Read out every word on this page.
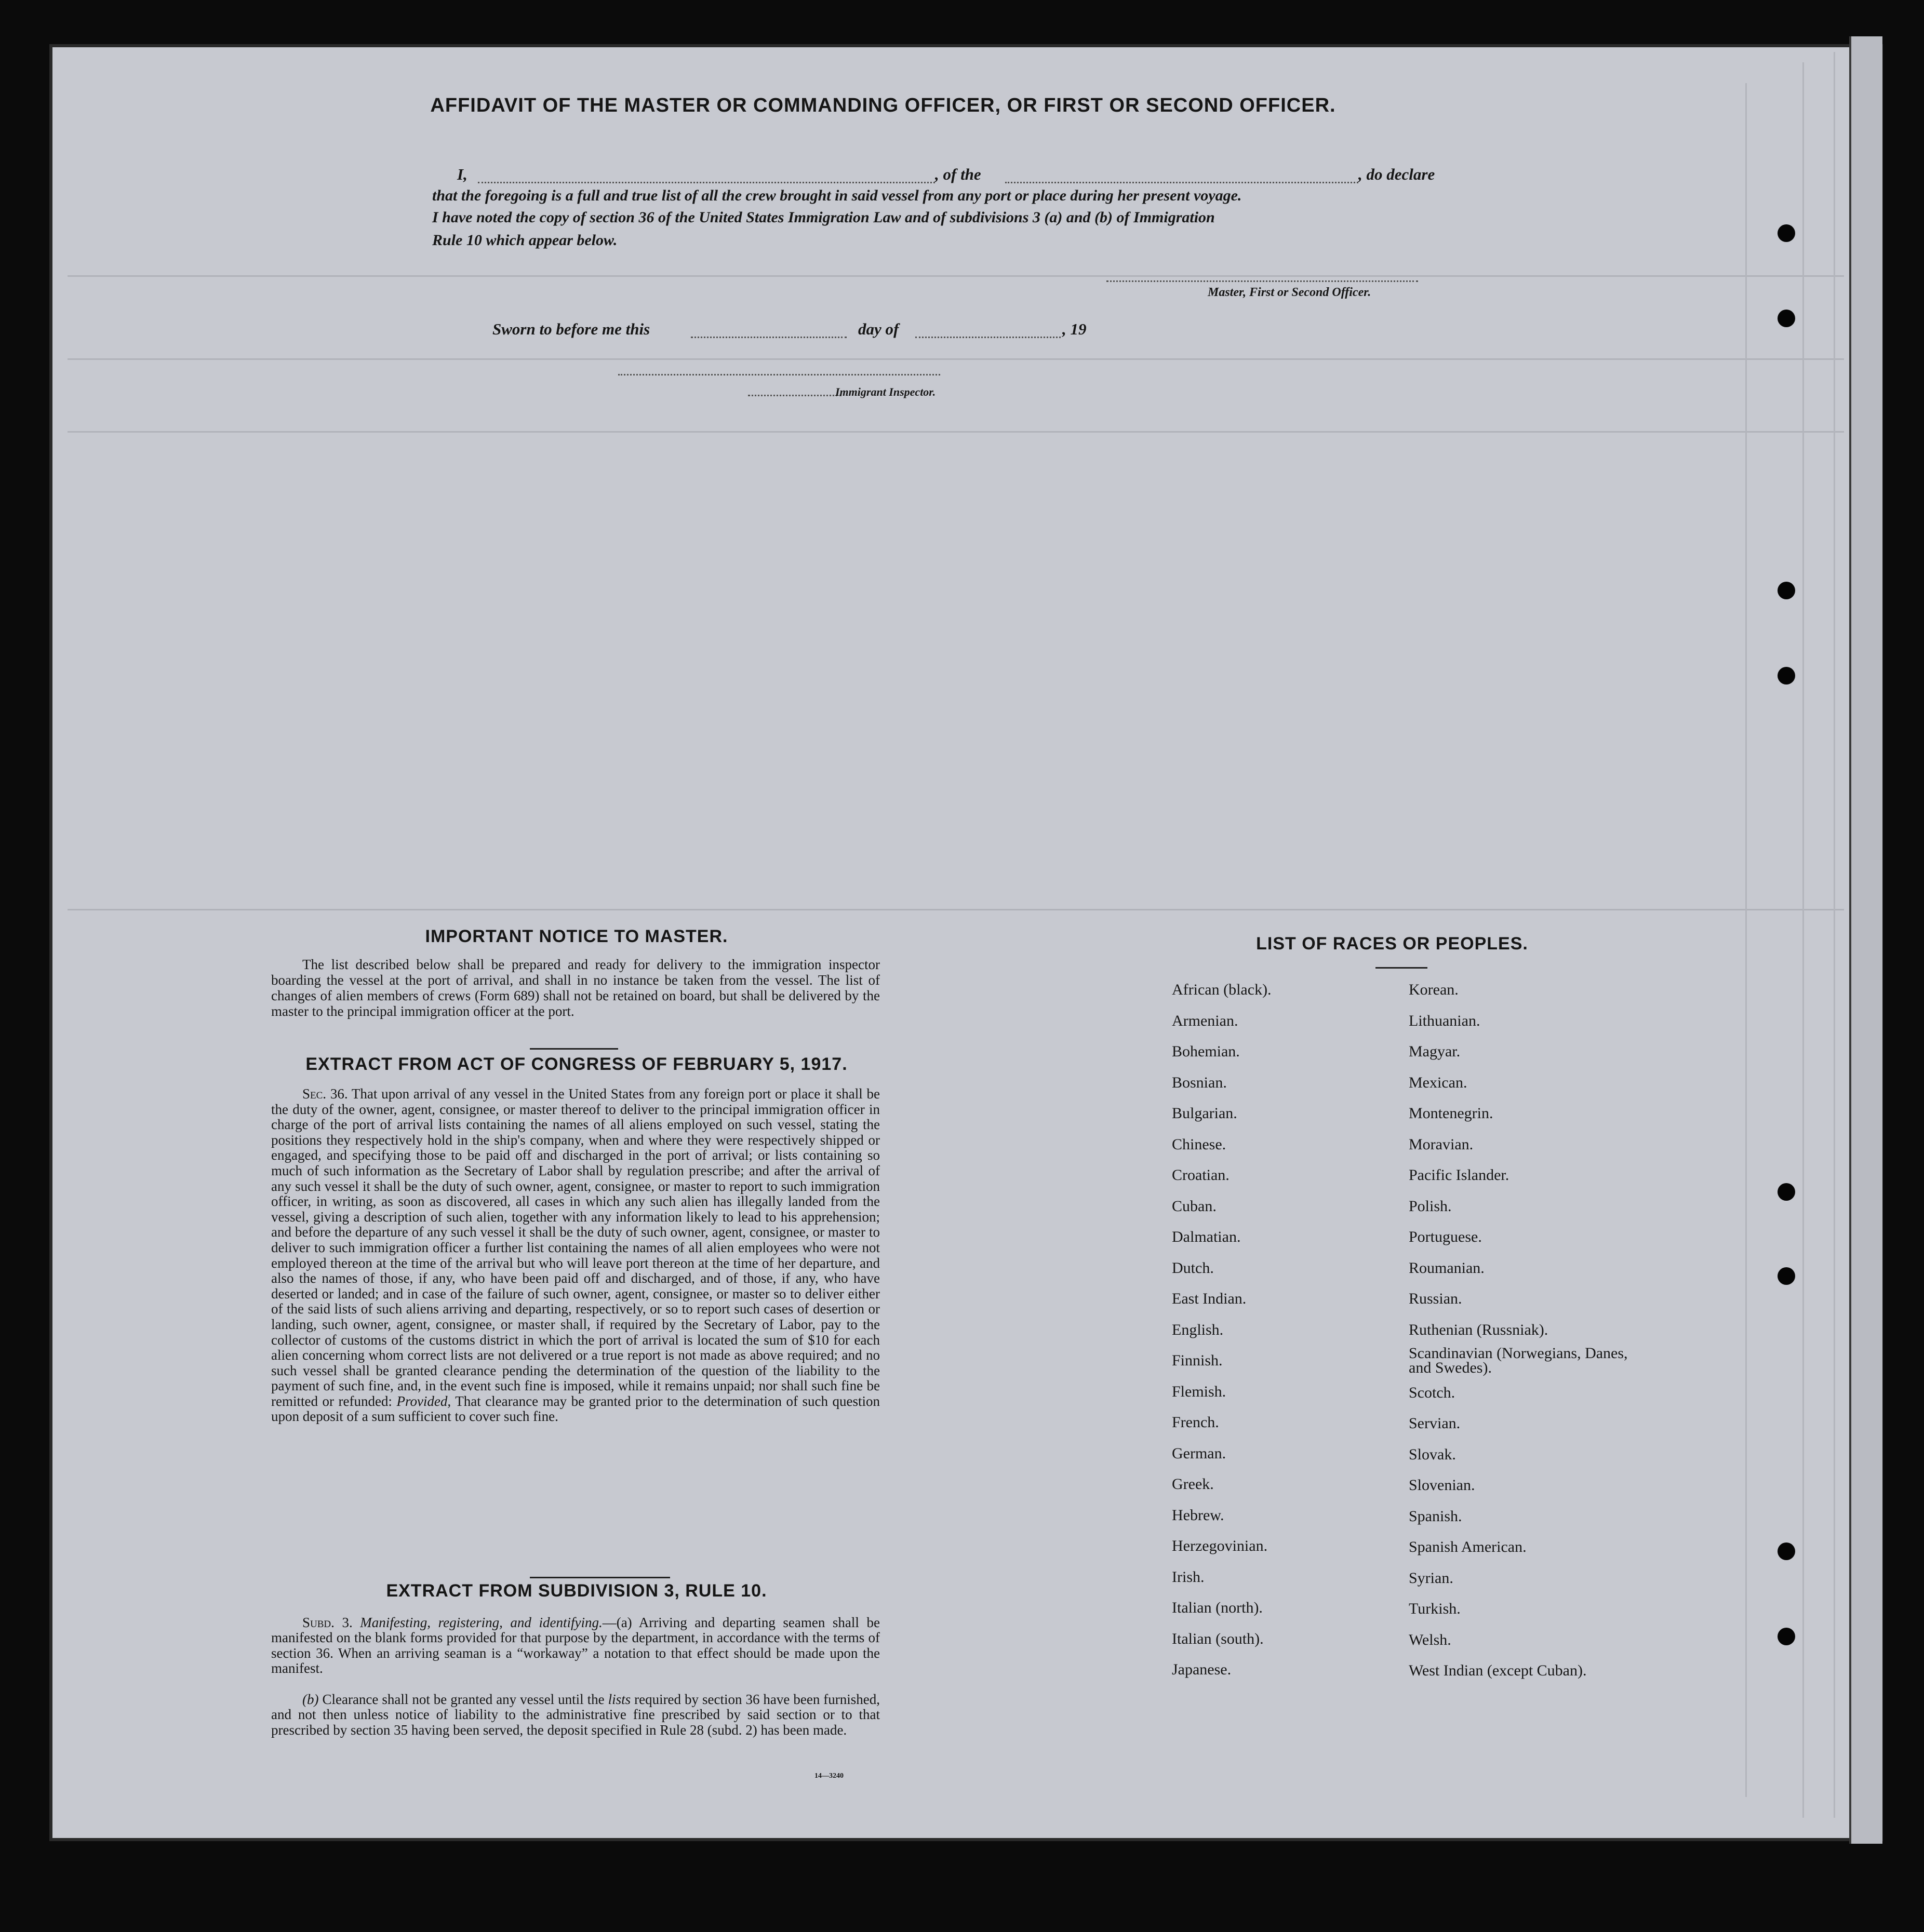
AFFIDAVIT OF THE MASTER OR COMMANDING OFFICER, OR FIRST OR SECOND OFFICER.
I,	, of the	, do declare
that the foregoing is a full and true list of all the crew brought in said vessel from any port or place during her present voyage.
I have noted the copy of section 36 of the United States Immigration Law and of subdivisions 3 (a) and (b) of Immigration
Rule 10 which appear below.
Master, First or Second Officer.
Sworn to before me this	day of	, 19
Immigrant Inspector.
IMPORTANT NOTICE TO MASTER.
The list described below shall be prepared and ready for delivery to the immigration inspector boarding the vessel at the port of arrival, and shall in no instance be taken from the vessel. The list of changes of alien members of crews (Form 689) shall not be retained on board, but shall be delivered by the master to the principal immigration officer at the port.
EXTRACT FROM ACT OF CONGRESS OF FEBRUARY 5, 1917.
Sec. 36. That upon arrival of any vessel in the United States from any foreign port or place it shall be the duty of the owner, agent, consignee, or master thereof to deliver to the principal immigration officer in charge of the port of arrival lists containing the names of all aliens employed on such vessel, stating the positions they respectively hold in the ship's company, when and where they were respectively shipped or engaged, and specifying those to be paid off and discharged in the port of arrival; or lists containing so much of such information as the Secretary of Labor shall by regulation prescribe; and after the arrival of any such vessel it shall be the duty of such owner, agent, consignee, or master to report to such immigration officer, in writing, as soon as discovered, all cases in which any such alien has illegally landed from the vessel, giving a description of such alien, together with any information likely to lead to his apprehension; and before the departure of any such vessel it shall be the duty of such owner, agent, consignee, or master to deliver to such immigration officer a further list containing the names of all alien employees who were not employed thereon at the time of the arrival but who will leave port thereon at the time of her departure, and also the names of those, if any, who have been paid off and discharged, and of those, if any, who have deserted or landed; and in case of the failure of such owner, agent, consignee, or master so to deliver either of the said lists of such aliens arriving and departing, respectively, or so to report such cases of desertion or landing, such owner, agent, consignee, or master shall, if required by the Secretary of Labor, pay to the collector of customs of the customs district in which the port of arrival is located the sum of $10 for each alien concerning whom correct lists are not delivered or a true report is not made as above required; and no such vessel shall be granted clearance pending the determination of the question of the liability to the payment of such fine, and, in the event such fine is imposed, while it remains unpaid; nor shall such fine be remitted or refunded: Provided, That clearance may be granted prior to the determination of such question upon deposit of a sum sufficient to cover such fine.
EXTRACT FROM SUBDIVISION 3, RULE 10.
Subd. 3. Manifesting, registering, and identifying.—(a) Arriving and departing seamen shall be manifested on the blank forms provided for that purpose by the department, in accordance with the terms of section 36. When an arriving seaman is a “workaway” a notation to that effect should be made upon the manifest.
(b) Clearance shall not be granted any vessel until the lists required by section 36 have been furnished, and not then unless notice of liability to the administrative fine prescribed by said section or to that prescribed by section 35 having been served, the deposit specified in Rule 28 (subd. 2) has been made.
14—3240
LIST OF RACES OR PEOPLES.
African (black).
Armenian.
Bohemian.
Bosnian.
Bulgarian.
Chinese.
Croatian.
Cuban.
Dalmatian.
Dutch.
East Indian.
English.
Finnish.
Flemish.
French.
German.
Greek.
Hebrew.
Herzegovinian.
Irish.
Italian (north).
Italian (south).
Japanese.
Korean.
Lithuanian.
Magyar.
Mexican.
Montenegrin.
Moravian.
Pacific Islander.
Polish.
Portuguese.
Roumanian.
Russian.
Ruthenian (Russniak).
Scandinavian (Norwegians, Danes, and Swedes).
Scotch.
Servian.
Slovak.
Slovenian.
Spanish.
Spanish American.
Syrian.
Turkish.
Welsh.
West Indian (except Cuban).
